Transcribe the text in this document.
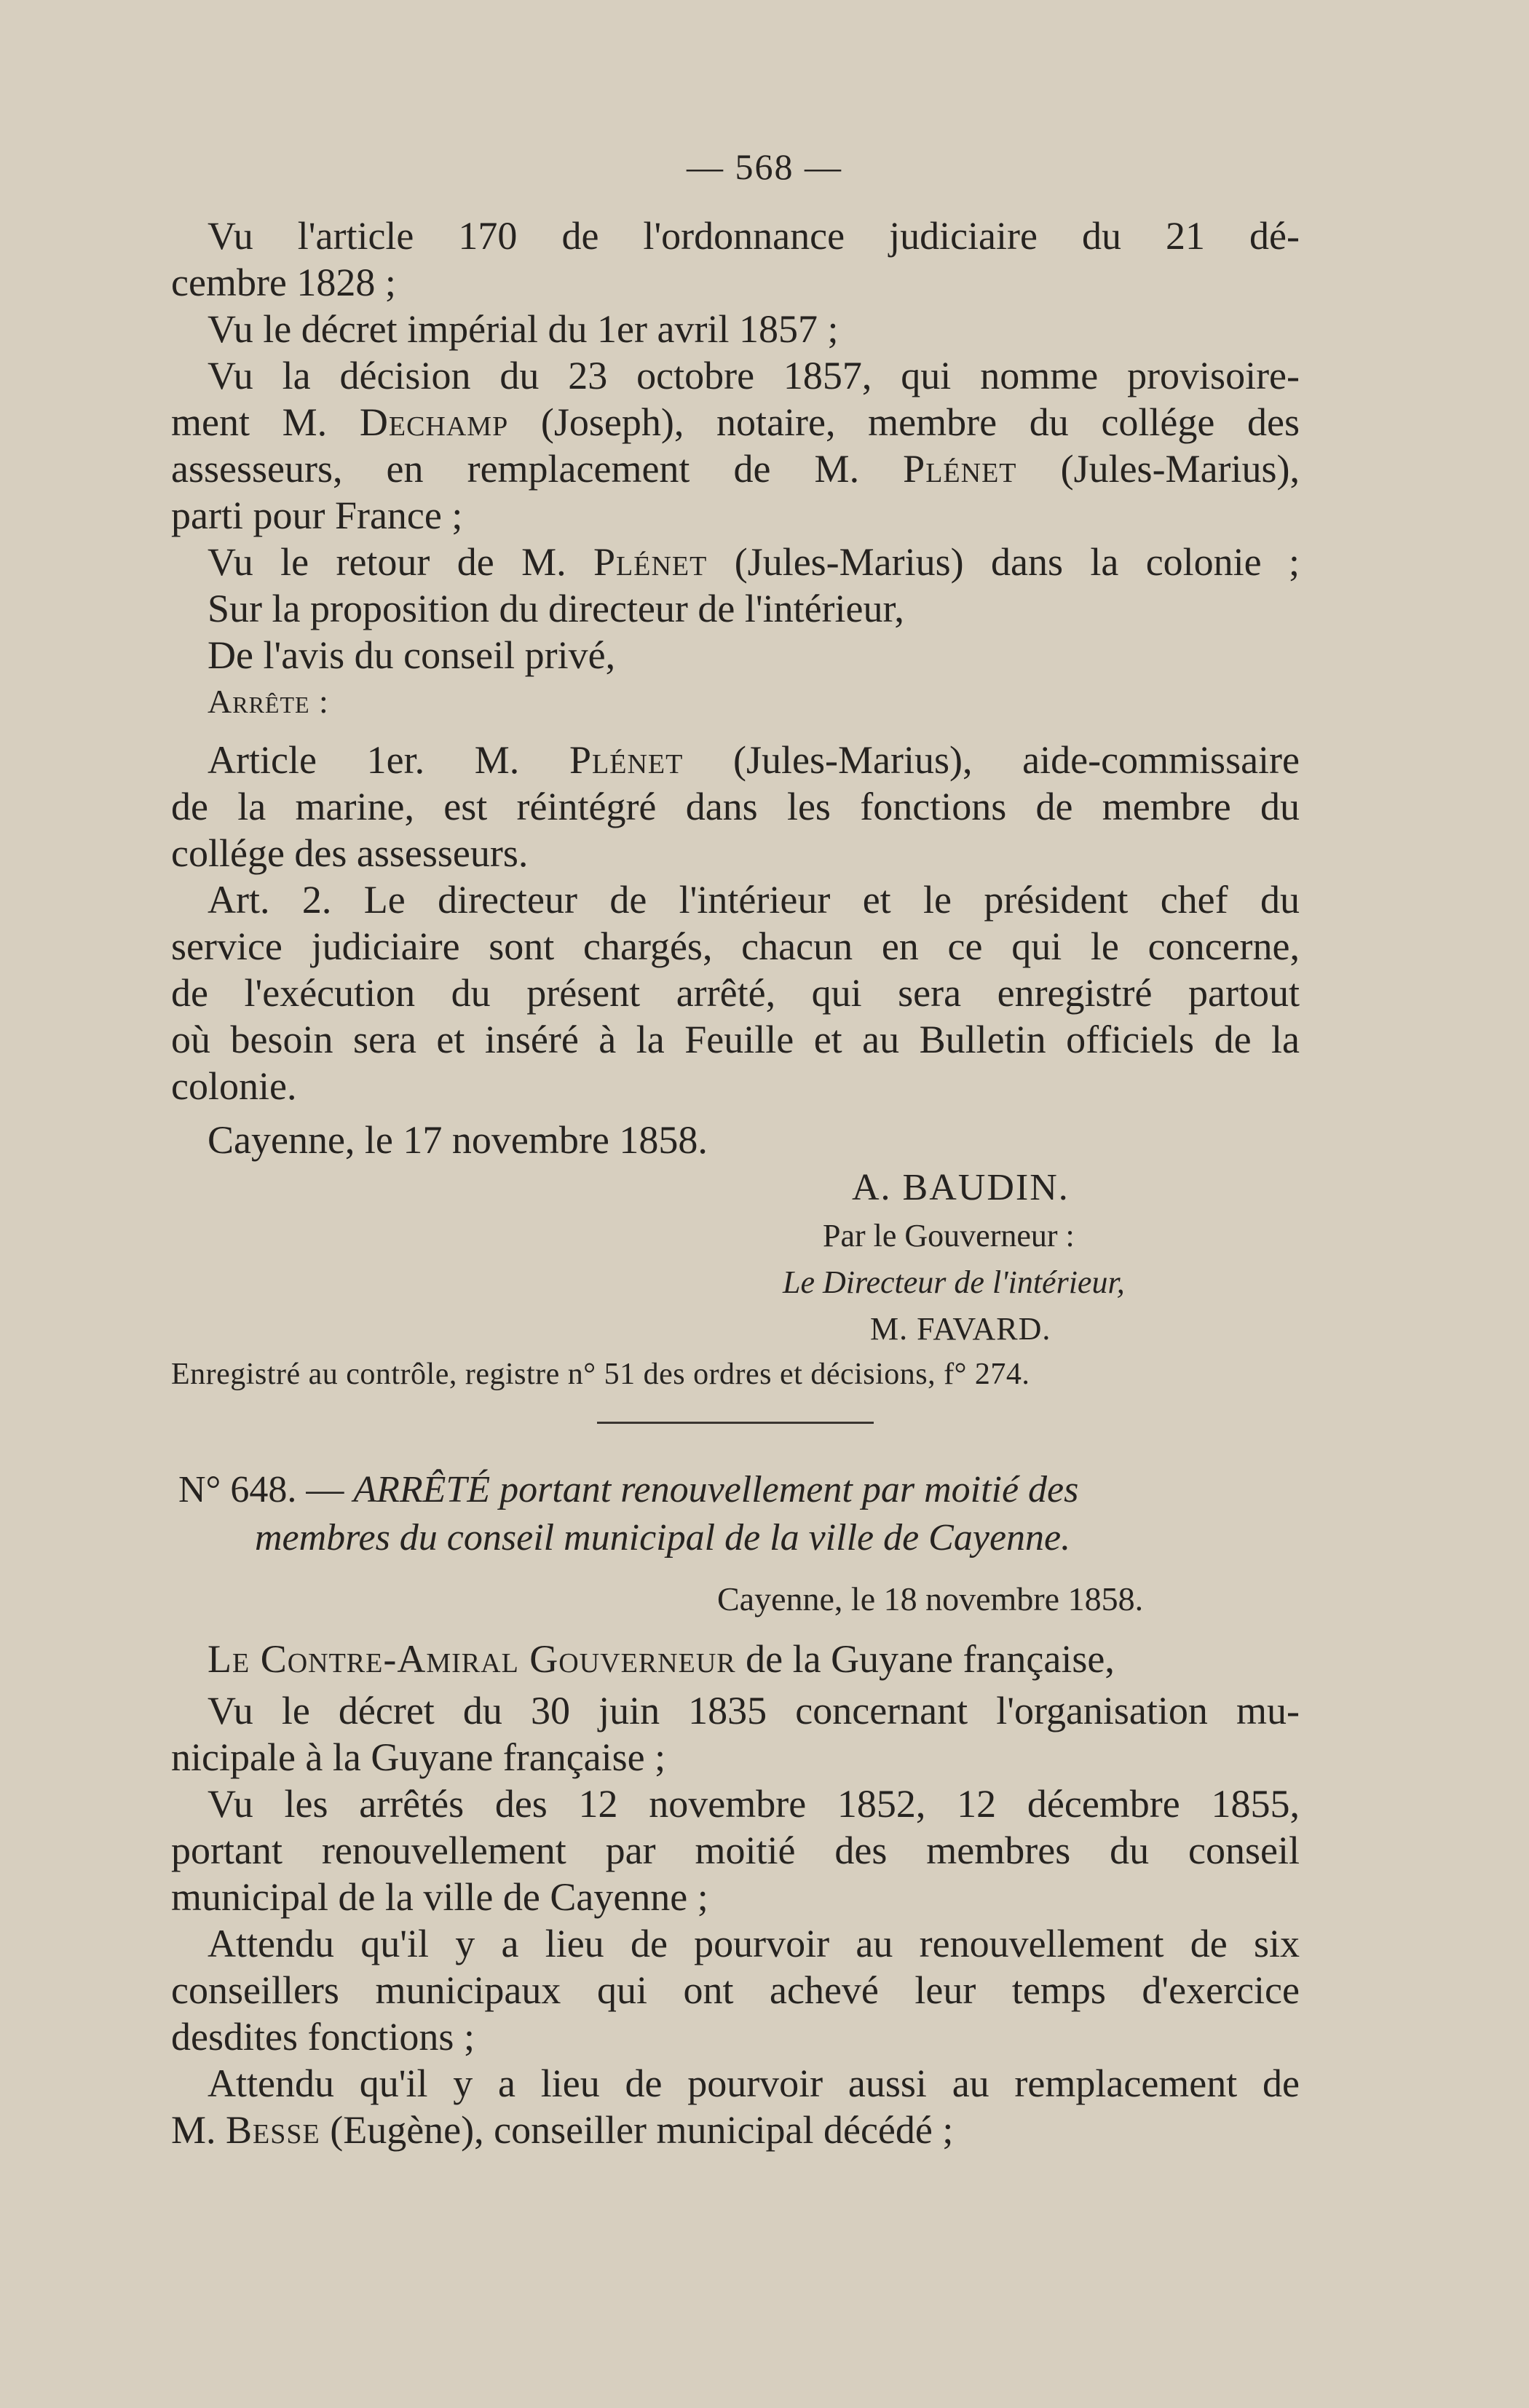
— 568 —
Vu l'article 170 de l'ordonnance judiciaire du 21 dé-
cembre 1828 ;
Vu le décret impérial du 1er avril 1857 ;
Vu la décision du 23 octobre 1857, qui nomme provisoire-
ment M. Dechamp (Joseph), notaire, membre du collége des
assesseurs, en remplacement de M. Plénet (Jules-Marius),
parti pour France ;
Vu le retour de M. Plénet (Jules-Marius) dans la colonie ;
Sur la proposition du directeur de l'intérieur,
De l'avis du conseil privé,
Arrête :
Article 1er. M. Plénet (Jules-Marius), aide-commissaire
de la marine, est réintégré dans les fonctions de membre du
collége des assesseurs.
Art. 2. Le directeur de l'intérieur et le président chef du
service judiciaire sont chargés, chacun en ce qui le concerne,
de l'exécution du présent arrêté, qui sera enregistré partout
où besoin sera et inséré à la Feuille et au Bulletin officiels de la
colonie.
Cayenne, le 17 novembre 1858.
A. BAUDIN.
Par le Gouverneur :
Le Directeur de l'intérieur,
M. FAVARD.
Enregistré au contrôle, registre n° 51 des ordres et décisions, f° 274.
N° 648. — ARRÊTÉ portant renouvellement par moitié des
membres du conseil municipal de la ville de Cayenne.
Cayenne, le 18 novembre 1858.
Le Contre-Amiral Gouverneur de la Guyane française,
Vu le décret du 30 juin 1835 concernant l'organisation mu-
nicipale à la Guyane française ;
Vu les arrêtés des 12 novembre 1852, 12 décembre 1855,
portant renouvellement par moitié des membres du conseil
municipal de la ville de Cayenne ;
Attendu qu'il y a lieu de pourvoir au renouvellement de six
conseillers municipaux qui ont achevé leur temps d'exercice
desdites fonctions ;
Attendu qu'il y a lieu de pourvoir aussi au remplacement de
M. Besse (Eugène), conseiller municipal décédé ;
